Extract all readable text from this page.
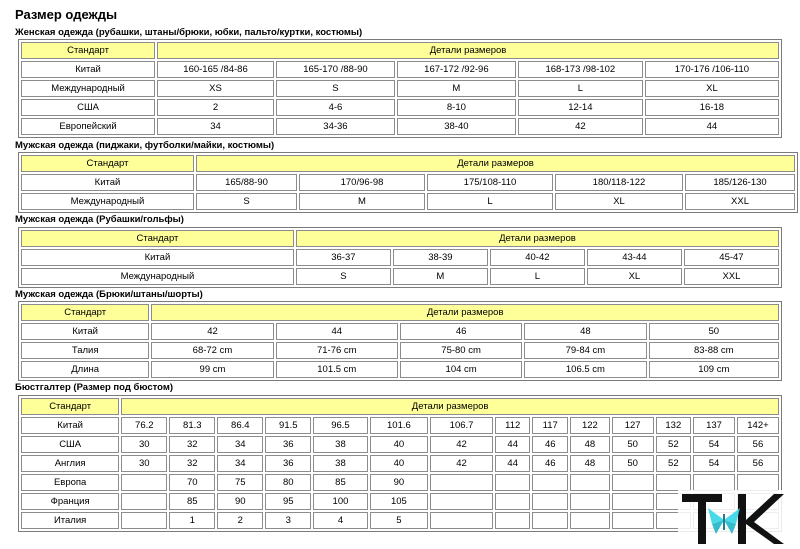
Размер одежды
Женская одежда (рубашки, штаны/брюки, юбки, пальто/куртки, костюмы)
Стандарт	Детали размеров				
Китай	160-165 /84-86	165-170 /88-90	167-172 /92-96	168-173 /98-102	170-176 /106-110
Международный	XS	S	M	L	XL
США	2	4-6	8-10	12-14	16-18
Европейский	34	34-36	38-40	42	44
Мужская одежда (пиджаки, футболки/майки, костюмы)
Стандарт	Детали размеров				
Китай	165/88-90	170/96-98	175/108-110	180/118-122	185/126-130
Международный	S	M	L	XL	XXL
Мужская одежда (Рубашки/гольфы)
Стандарт	Детали размеров				
Китай	36-37	38-39	40-42	43-44	45-47
Международный	S	M	L	XL	XXL
Мужская одежда (Брюки/штаны/шорты)
Стандарт	Детали размеров				
Китай	42	44	46	48	50
Талия	68-72 cm	71-76 cm	75-80 cm	79-84 cm	83-88 cm
Длина	99 cm	101.5 cm	104 cm	106.5 cm	109 cm
Бюстгалтер (Размер под бюстом)
Стандарт	Детали размеров													
Китай	76.2	81.3	86.4	91.5	96.5	101.6	106.7	112	117	122	127	132	137	142+
США	30	32	34	36	38	40	42	44	46	48	50	52	54	56
Англия	30	32	34	36	38	40	42	44	46	48	50	52	54	56
Европа		70	75	80	85	90								
Франция		85	90	95	100	105								
Италия		1	2	3	4	5								
